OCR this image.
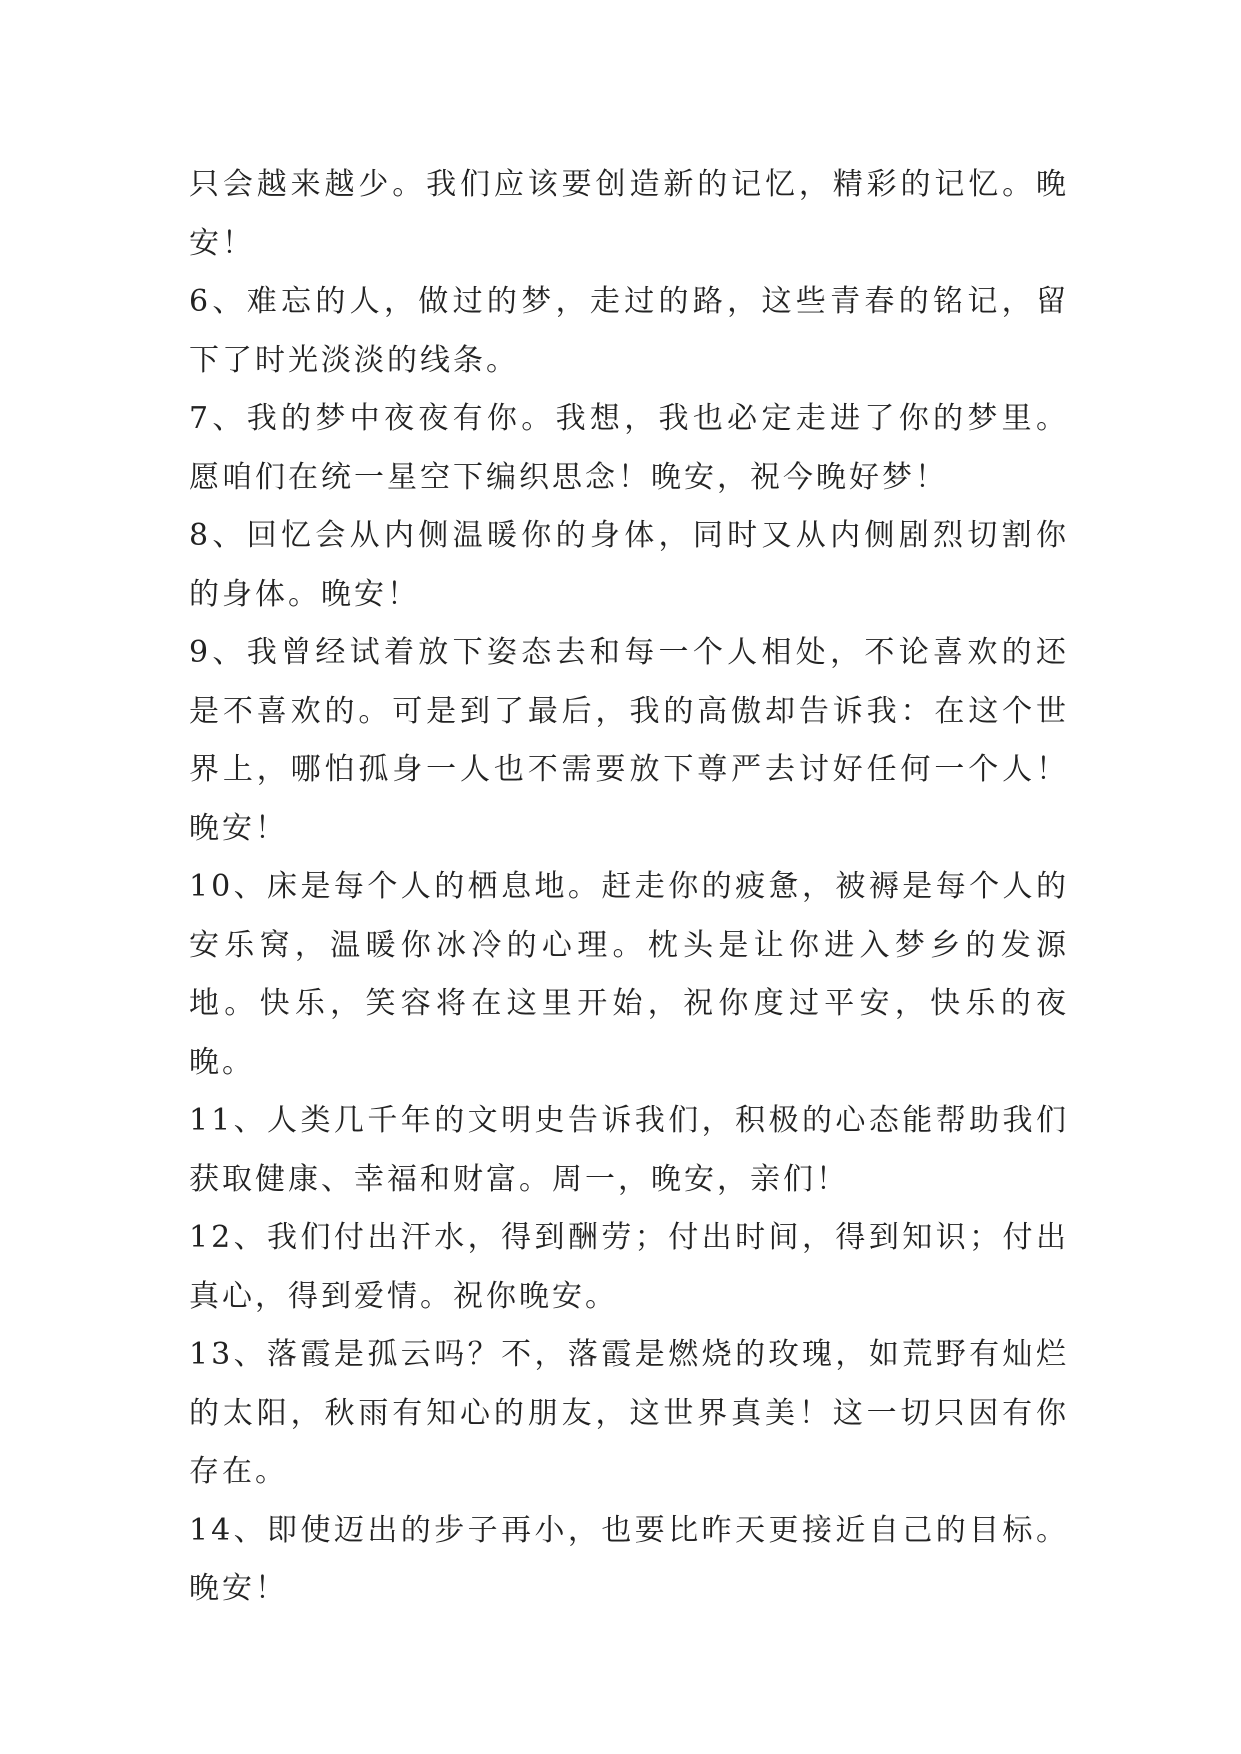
只会越来越少。我们应该要创造新的记忆，精彩的记忆。晚安！

6、难忘的人，做过的梦，走过的路，这些青春的铭记，留下了时光淡淡的线条。

7、我的梦中夜夜有你。我想，我也必定走进了你的梦里。愿咱们在统一星空下编织思念！晚安，祝今晚好梦！

8、回忆会从内侧温暖你的身体，同时又从内侧剧烈切割你的身体。晚安！

9、我曾经试着放下姿态去和每一个人相处，不论喜欢的还是不喜欢的。可是到了最后，我的高傲却告诉我：在这个世界上，哪怕孤身一人也不需要放下尊严去讨好任何一个人！晚安！

10、床是每个人的栖息地。赶走你的疲惫，被褥是每个人的安乐窝，温暖你冰冷的心理。枕头是让你进入梦乡的发源地。快乐，笑容将在这里开始，祝你度过平安，快乐的夜晚。

11、人类几千年的文明史告诉我们，积极的心态能帮助我们获取健康、幸福和财富。周一，晚安，亲们！

12、我们付出汗水，得到酬劳；付出时间，得到知识；付出真心，得到爱情。祝你晚安。

13、落霞是孤云吗？不，落霞是燃烧的玫瑰，如荒野有灿烂的太阳，秋雨有知心的朋友，这世界真美！这一切只因有你存在。

14、即使迈出的步子再小，也要比昨天更接近自己的目标。晚安！
